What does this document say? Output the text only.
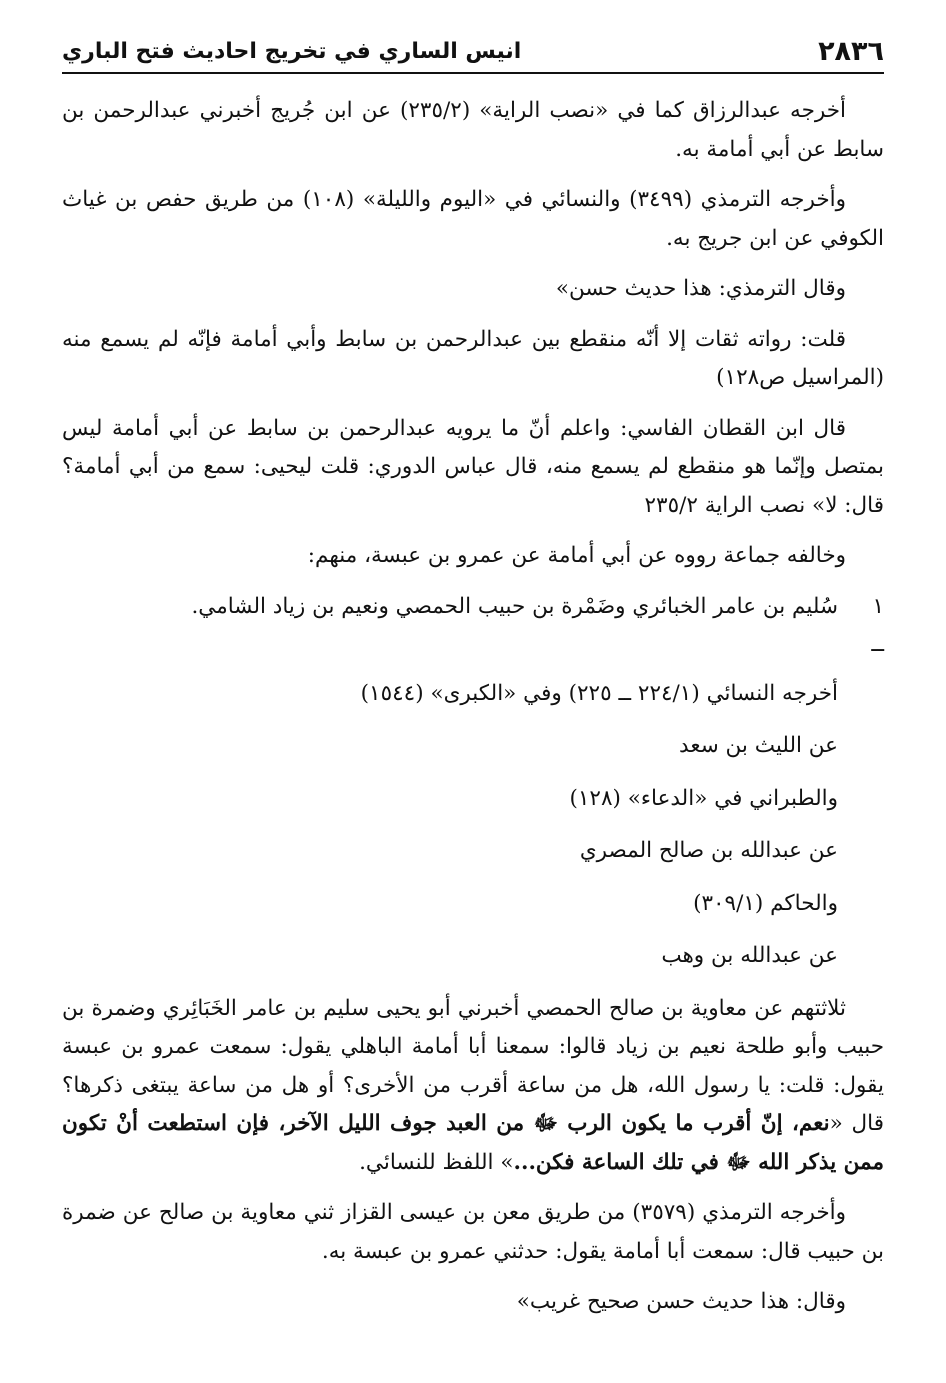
٢٨٣٦
انيس الساري في تخريج احاديث فتح الباري

أخرجه عبدالرزاق كما في «نصب الراية» (٢٣٥/٢) عن ابن جُريج أخبرني عبدالرحمن بن سابط عن أبي أمامة به.

وأخرجه الترمذي (٣٤٩٩) والنسائي في «اليوم والليلة» (١٠٨) من طريق حفص بن غياث الكوفي عن ابن جريج به.

وقال الترمذي: هذا حديث حسن»

قلت: رواته ثقات إلا أنّه منقطع بين عبدالرحمن بن سابط وأبي أمامة فإنّه لم يسمع منه (المراسيل ص١٢٨)

قال ابن القطان الفاسي: واعلم أنّ ما يرويه عبدالرحمن بن سابط عن أبي أمامة ليس بمتصل وإنّما هو منقطع لم يسمع منه، قال عباس الدوري: قلت ليحيى: سمع من أبي أمامة؟ قال: لا» نصب الراية ٢٣٥/٢

وخالفه جماعة رووه عن أبي أمامة عن عمرو بن عبسة، منهم:

١ ــ
سُليم بن عامر الخبائري وضَمْرة بن حبيب الحمصي ونعيم بن زياد الشامي.

أخرجه النسائي (٢٢٤/١ ــ ٢٢٥) وفي «الكبرى» (١٥٤٤)

عن الليث بن سعد

والطبراني في «الدعاء» (١٢٨)

عن عبدالله بن صالح المصري

والحاكم (٣٠٩/١)

عن عبدالله بن وهب

ثلاثتهم عن معاوية بن صالح الحمصي أخبرني أبو يحيى سليم بن عامر الخَبَائِري وضمرة بن حبيب وأبو طلحة نعيم بن زياد قالوا: سمعنا أبا أمامة الباهلي يقول: سمعت عمرو بن عبسة يقول: قلت: يا رسول الله، هل من ساعة أقرب من الأخرى؟ أو هل من ساعة يبتغى ذكرها؟ قال «نعم، إنّ أقرب ما يكون الرب ﷻ من العبد جوف الليل الآخر، فإن استطعت أنْ تكون ممن يذكر الله ﷻ في تلك الساعة فكن...» اللفظ للنسائي.

وأخرجه الترمذي (٣٥٧٩) من طريق معن بن عيسى القزاز ثني معاوية بن صالح عن ضمرة بن حبيب قال: سمعت أبا أمامة يقول: حدثني عمرو بن عبسة به.

وقال: هذا حديث حسن صحيح غريب»
